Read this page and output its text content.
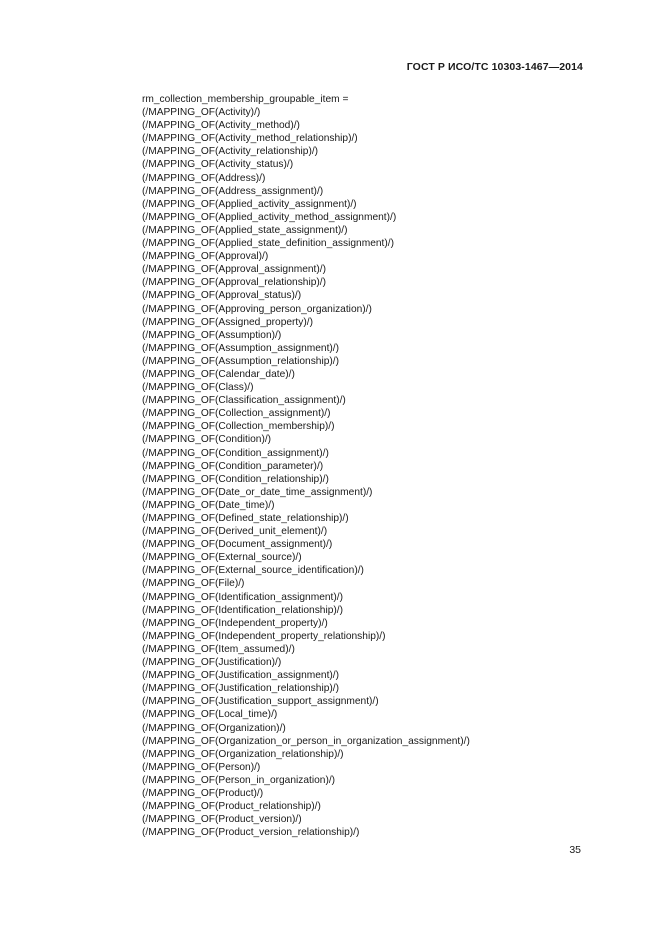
ГОСТ Р ИСО/ТС 10303-1467—2014
rm_collection_membership_groupable_item =
(/MAPPING_OF(Activity)/)
(/MAPPING_OF(Activity_method)/)
(/MAPPING_OF(Activity_method_relationship)/)
(/MAPPING_OF(Activity_relationship)/)
(/MAPPING_OF(Activity_status)/)
(/MAPPING_OF(Address)/)
(/MAPPING_OF(Address_assignment)/)
(/MAPPING_OF(Applied_activity_assignment)/)
(/MAPPING_OF(Applied_activity_method_assignment)/)
(/MAPPING_OF(Applied_state_assignment)/)
(/MAPPING_OF(Applied_state_definition_assignment)/)
(/MAPPING_OF(Approval)/)
(/MAPPING_OF(Approval_assignment)/)
(/MAPPING_OF(Approval_relationship)/)
(/MAPPING_OF(Approval_status)/)
(/MAPPING_OF(Approving_person_organization)/)
(/MAPPING_OF(Assigned_property)/)
(/MAPPING_OF(Assumption)/)
(/MAPPING_OF(Assumption_assignment)/)
(/MAPPING_OF(Assumption_relationship)/)
(/MAPPING_OF(Calendar_date)/)
(/MAPPING_OF(Class)/)
(/MAPPING_OF(Classification_assignment)/)
(/MAPPING_OF(Collection_assignment)/)
(/MAPPING_OF(Collection_membership)/)
(/MAPPING_OF(Condition)/)
(/MAPPING_OF(Condition_assignment)/)
(/MAPPING_OF(Condition_parameter)/)
(/MAPPING_OF(Condition_relationship)/)
(/MAPPING_OF(Date_or_date_time_assignment)/)
(/MAPPING_OF(Date_time)/)
(/MAPPING_OF(Defined_state_relationship)/)
(/MAPPING_OF(Derived_unit_element)/)
(/MAPPING_OF(Document_assignment)/)
(/MAPPING_OF(External_source)/)
(/MAPPING_OF(External_source_identification)/)
(/MAPPING_OF(File)/)
(/MAPPING_OF(Identification_assignment)/)
(/MAPPING_OF(Identification_relationship)/)
(/MAPPING_OF(Independent_property)/)
(/MAPPING_OF(Independent_property_relationship)/)
(/MAPPING_OF(Item_assumed)/)
(/MAPPING_OF(Justification)/)
(/MAPPING_OF(Justification_assignment)/)
(/MAPPING_OF(Justification_relationship)/)
(/MAPPING_OF(Justification_support_assignment)/)
(/MAPPING_OF(Local_time)/)
(/MAPPING_OF(Organization)/)
(/MAPPING_OF(Organization_or_person_in_organization_assignment)/)
(/MAPPING_OF(Organization_relationship)/)
(/MAPPING_OF(Person)/)
(/MAPPING_OF(Person_in_organization)/)
(/MAPPING_OF(Product)/)
(/MAPPING_OF(Product_relationship)/)
(/MAPPING_OF(Product_version)/)
(/MAPPING_OF(Product_version_relationship)/)
35
